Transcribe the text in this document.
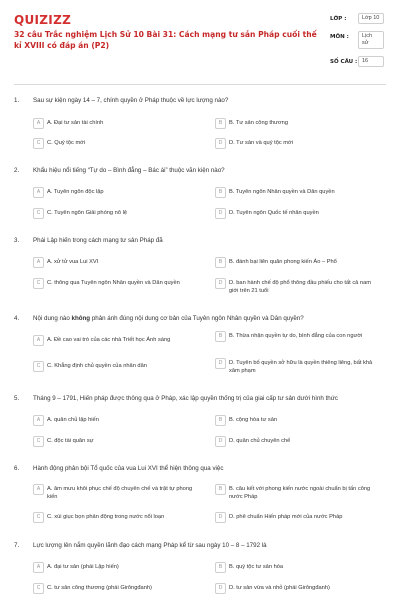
QUIZIZZ
32 câu Trắc nghiệm Lịch Sử 10 Bài 31: Cách mạng tư sản Pháp cuối thế kỉ XVIII có đáp án (P2)
LỚP :	Lớp 10
MÔN :	Lịch sử
SỐ CÂU : 16
1. Sau sự kiện ngày 14 – 7, chính quyền ở Pháp thuộc về lực lượng nào?
A	A. Đại tư sản tài chính	B	B. Tư sản công thương
C	C. Quý tộc mới	D	D. Tư sản và quý tộc mới
2. Khẩu hiệu nổi tiếng “Tự do – Bình đẳng – Bác ái” thuộc văn kiện nào?
A	A. Tuyên ngôn độc lập	B	B. Tuyên ngôn Nhân quyền và Dân quyền
C	C. Tuyên ngôn Giải phóng nô lệ	D	D. Tuyên ngôn Quốc tế nhân quyền
3. Phái Lập hiến trong cách mạng tư sản Pháp đã
A	A. xử tử vua Lui XVI	B	B. đánh bại liên quân phong kiến Áo – Phổ
C	C. thông qua Tuyên ngôn Nhân quyền và Dân quyền	D	D. ban hành chế độ phổ thông đầu phiếu cho tất cả nam giới trên 21 tuổi
4. Nội dung nào không phản ánh đúng nội dung cơ bản của Tuyên ngôn Nhân quyền và Dân quyền?
A	A. Đề cao vai trò của các nhà Triết học Ánh sáng
B	B. Thừa nhận quyền tự do, bình đẳng của con người
C	C. Khẳng định chủ quyền của nhân dân	D	D. Tuyên bố quyền sở hữu là quyền thiêng liêng, bất khả xâm phạm
5. Tháng 9 – 1791, Hiến pháp được thông qua ở Pháp, xác lập quyền thống trị của giai cấp tư sản dưới hình thức
A	A. quân chủ lập hiến	B	B. cộng hòa tư sản
C	C. độc tài quân sự	D	D. quân chủ chuyên chế
6. Hành động phản bội Tổ quốc của vua Lui XVI thể hiện thông qua việc
A	A. âm mưu khôi phục chế độ chuyên chế và trật tự phong kiến
B	B. câu kết với phong kiến nước ngoài chuẩn bị tấn công nước Pháp
C	C. xúi giục bọn phản động trong nước nổi loạn	D	D. phê chuẩn Hiến pháp mới của nước Pháp
7. Lực lượng lên nắm quyền lãnh đạo cách mạng Pháp kể từ sau ngày 10 – 8 – 1792 là
A	A. đại tư sản (phái Lập hiến)	B	B. quý tộc tư sản hóa
C	C. tư sản công thương (phái Girôngđanh)	D	D. tư sản vừa và nhỏ (phái Girôngđanh)
